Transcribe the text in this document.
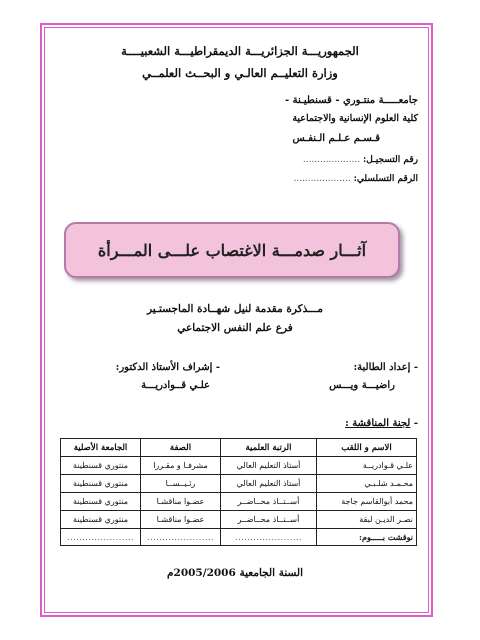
الجمهوريـــة الجزائريـــة الديمقراطيـــة الشعبيــــة
وزارة التعليــم العالـي و البحــث العلمــي
جامعـــــة منتـوري - قسنطيـنة -
كلية العلوم الإنسانية والاجتماعية
قـسـم عـلـم الـنفـس
رقم التسجيـل: ....................
الرقم التسلسلي: ....................
آثـــار صدمـــة الاغتصاب علـــى المـــرأة
مـــذكرة مقدمة لنيل شهــادة الماجستـير
فرع علم النفس الاجتماعي
- إعداد الطالبة:
راضيـــة ويـــس
- إشراف الأستاذ الدكتور:
علـي قــوادريـــة
- لجنة المناقشة :
الاسم و اللقب	الرتبة العلمية	الصفة	الجامعة الأصلية
علـي قـوادريــة	أستاذ التعليم العالي	مشرفـا و مقـررا	منتوري قسنطينة
محـمـد شلـبـي	أستاذ التعليم العالي	رئـيــســا	منتوري قسنطينة
محمد أبوالقاسم جاجة	أســتــاذ محــاضــر	عضـوا مناقشـا	منتوري قسنطينة
نصـر الديـن لبقة	أســتــاذ محــاضــر	عضـوا مناقشـا	منتوري قسنطينة
نوقشت بـــــوم:	......................	......................	......................
السنة الجامعية 2005/2006م
